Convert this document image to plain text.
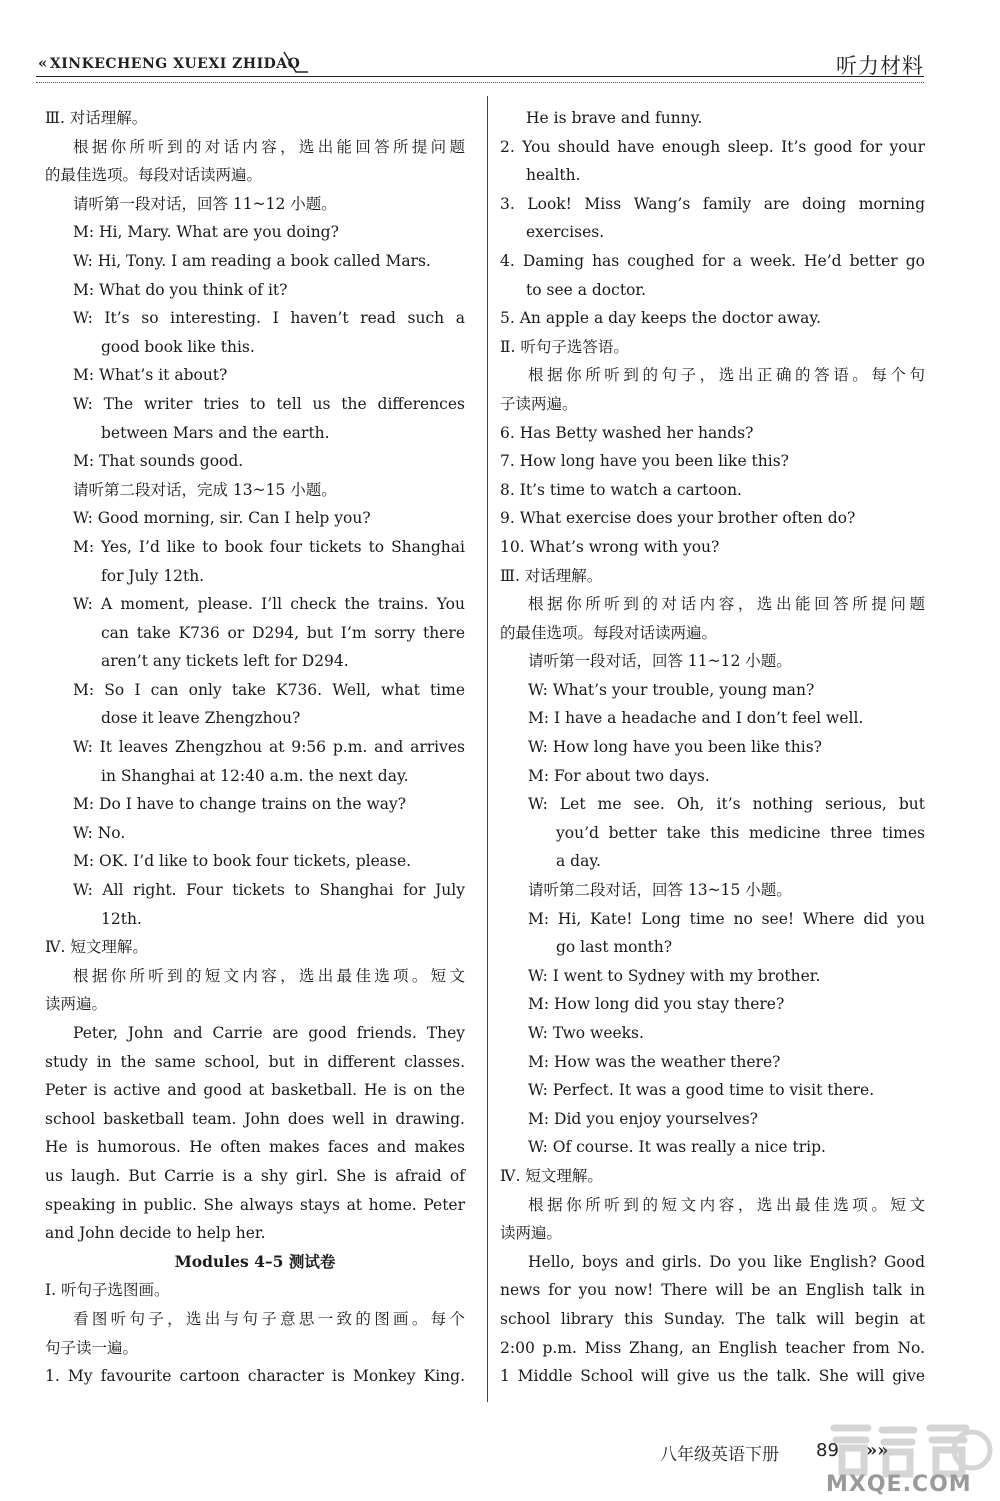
« XINKECHENG XUEXI ZHIDAO	听力材料
Ⅲ. 对话理解。
根据你所听到的对话内容，选出能回答所提问题
的最佳选项。每段对话读两遍。
请听第一段对话，回答 11~12 小题。
M: Hi, Mary. What are you doing?
W: Hi, Tony. I am reading a book called Mars.
M: What do you think of it?
W: It’s so interesting. I haven’t read such a
good book like this.
M: What’s it about?
W: The writer tries to tell us the differences
between Mars and the earth.
M: That sounds good.
请听第二段对话，完成 13~15 小题。
W: Good morning, sir. Can I help you?
M: Yes, I’d like to book four tickets to Shanghai
for July 12th.
W: A moment, please. I’ll check the trains. You
can take K736 or D294, but I’m sorry there
aren’t any tickets left for D294.
M: So I can only take K736. Well, what time
dose it leave Zhengzhou?
W: It leaves Zhengzhou at 9:56 p.m. and arrives
in Shanghai at 12:40 a.m. the next day.
M: Do I have to change trains on the way?
W: No.
M: OK. I’d like to book four tickets, please.
W: All right. Four tickets to Shanghai for July
12th.
Ⅳ. 短文理解。
根据你所听到的短文内容，选出最佳选项。短文
读两遍。
Peter, John and Carrie are good friends. They
study in the same school, but in different classes.
Peter is active and good at basketball. He is on the
school basketball team. John does well in drawing.
He is humorous. He often makes faces and makes
us laugh. But Carrie is a shy girl. She is afraid of
speaking in public. She always stays at home. Peter
and John decide to help her.
Modules 4–5 测试卷
Ⅰ. 听句子选图画。
看图听句子，选出与句子意思一致的图画。每个
句子读一遍。
1. My favourite cartoon character is Monkey King.
He is brave and funny.
2. You should have enough sleep. It’s good for your
health.
3. Look! Miss Wang’s family are doing morning
exercises.
4. Daming has coughed for a week. He’d better go
to see a doctor.
5. An apple a day keeps the doctor away.
Ⅱ. 听句子选答语。
根据你所听到的句子，选出正确的答语。每个句
子读两遍。
6. Has Betty washed her hands?
7. How long have you been like this?
8. It’s time to watch a cartoon.
9. What exercise does your brother often do?
10. What’s wrong with you?
Ⅲ. 对话理解。
根据你所听到的对话内容，选出能回答所提问题
的最佳选项。每段对话读两遍。
请听第一段对话，回答 11~12 小题。
W: What’s your trouble, young man?
M: I have a headache and I don’t feel well.
W: How long have you been like this?
M: For about two days.
W: Let me see. Oh, it’s nothing serious, but
you’d better take this medicine three times
a day.
请听第二段对话，回答 13~15 小题。
M: Hi, Kate! Long time no see! Where did you
go last month?
W: I went to Sydney with my brother.
M: How long did you stay there?
W: Two weeks.
M: How was the weather there?
W: Perfect. It was a good time to visit there.
M: Did you enjoy yourselves?
W: Of course. It was really a nice trip.
Ⅳ. 短文理解。
根据你所听到的短文内容，选出最佳选项。短文
读两遍。
Hello, boys and girls. Do you like English? Good
news for you now! There will be an English talk in
school library this Sunday. The talk will begin at
2:00 p.m. Miss Zhang, an English teacher from No.
1 Middle School will give us the talk. She will give
八年级英语下册 89 »»
MXQE.COM
